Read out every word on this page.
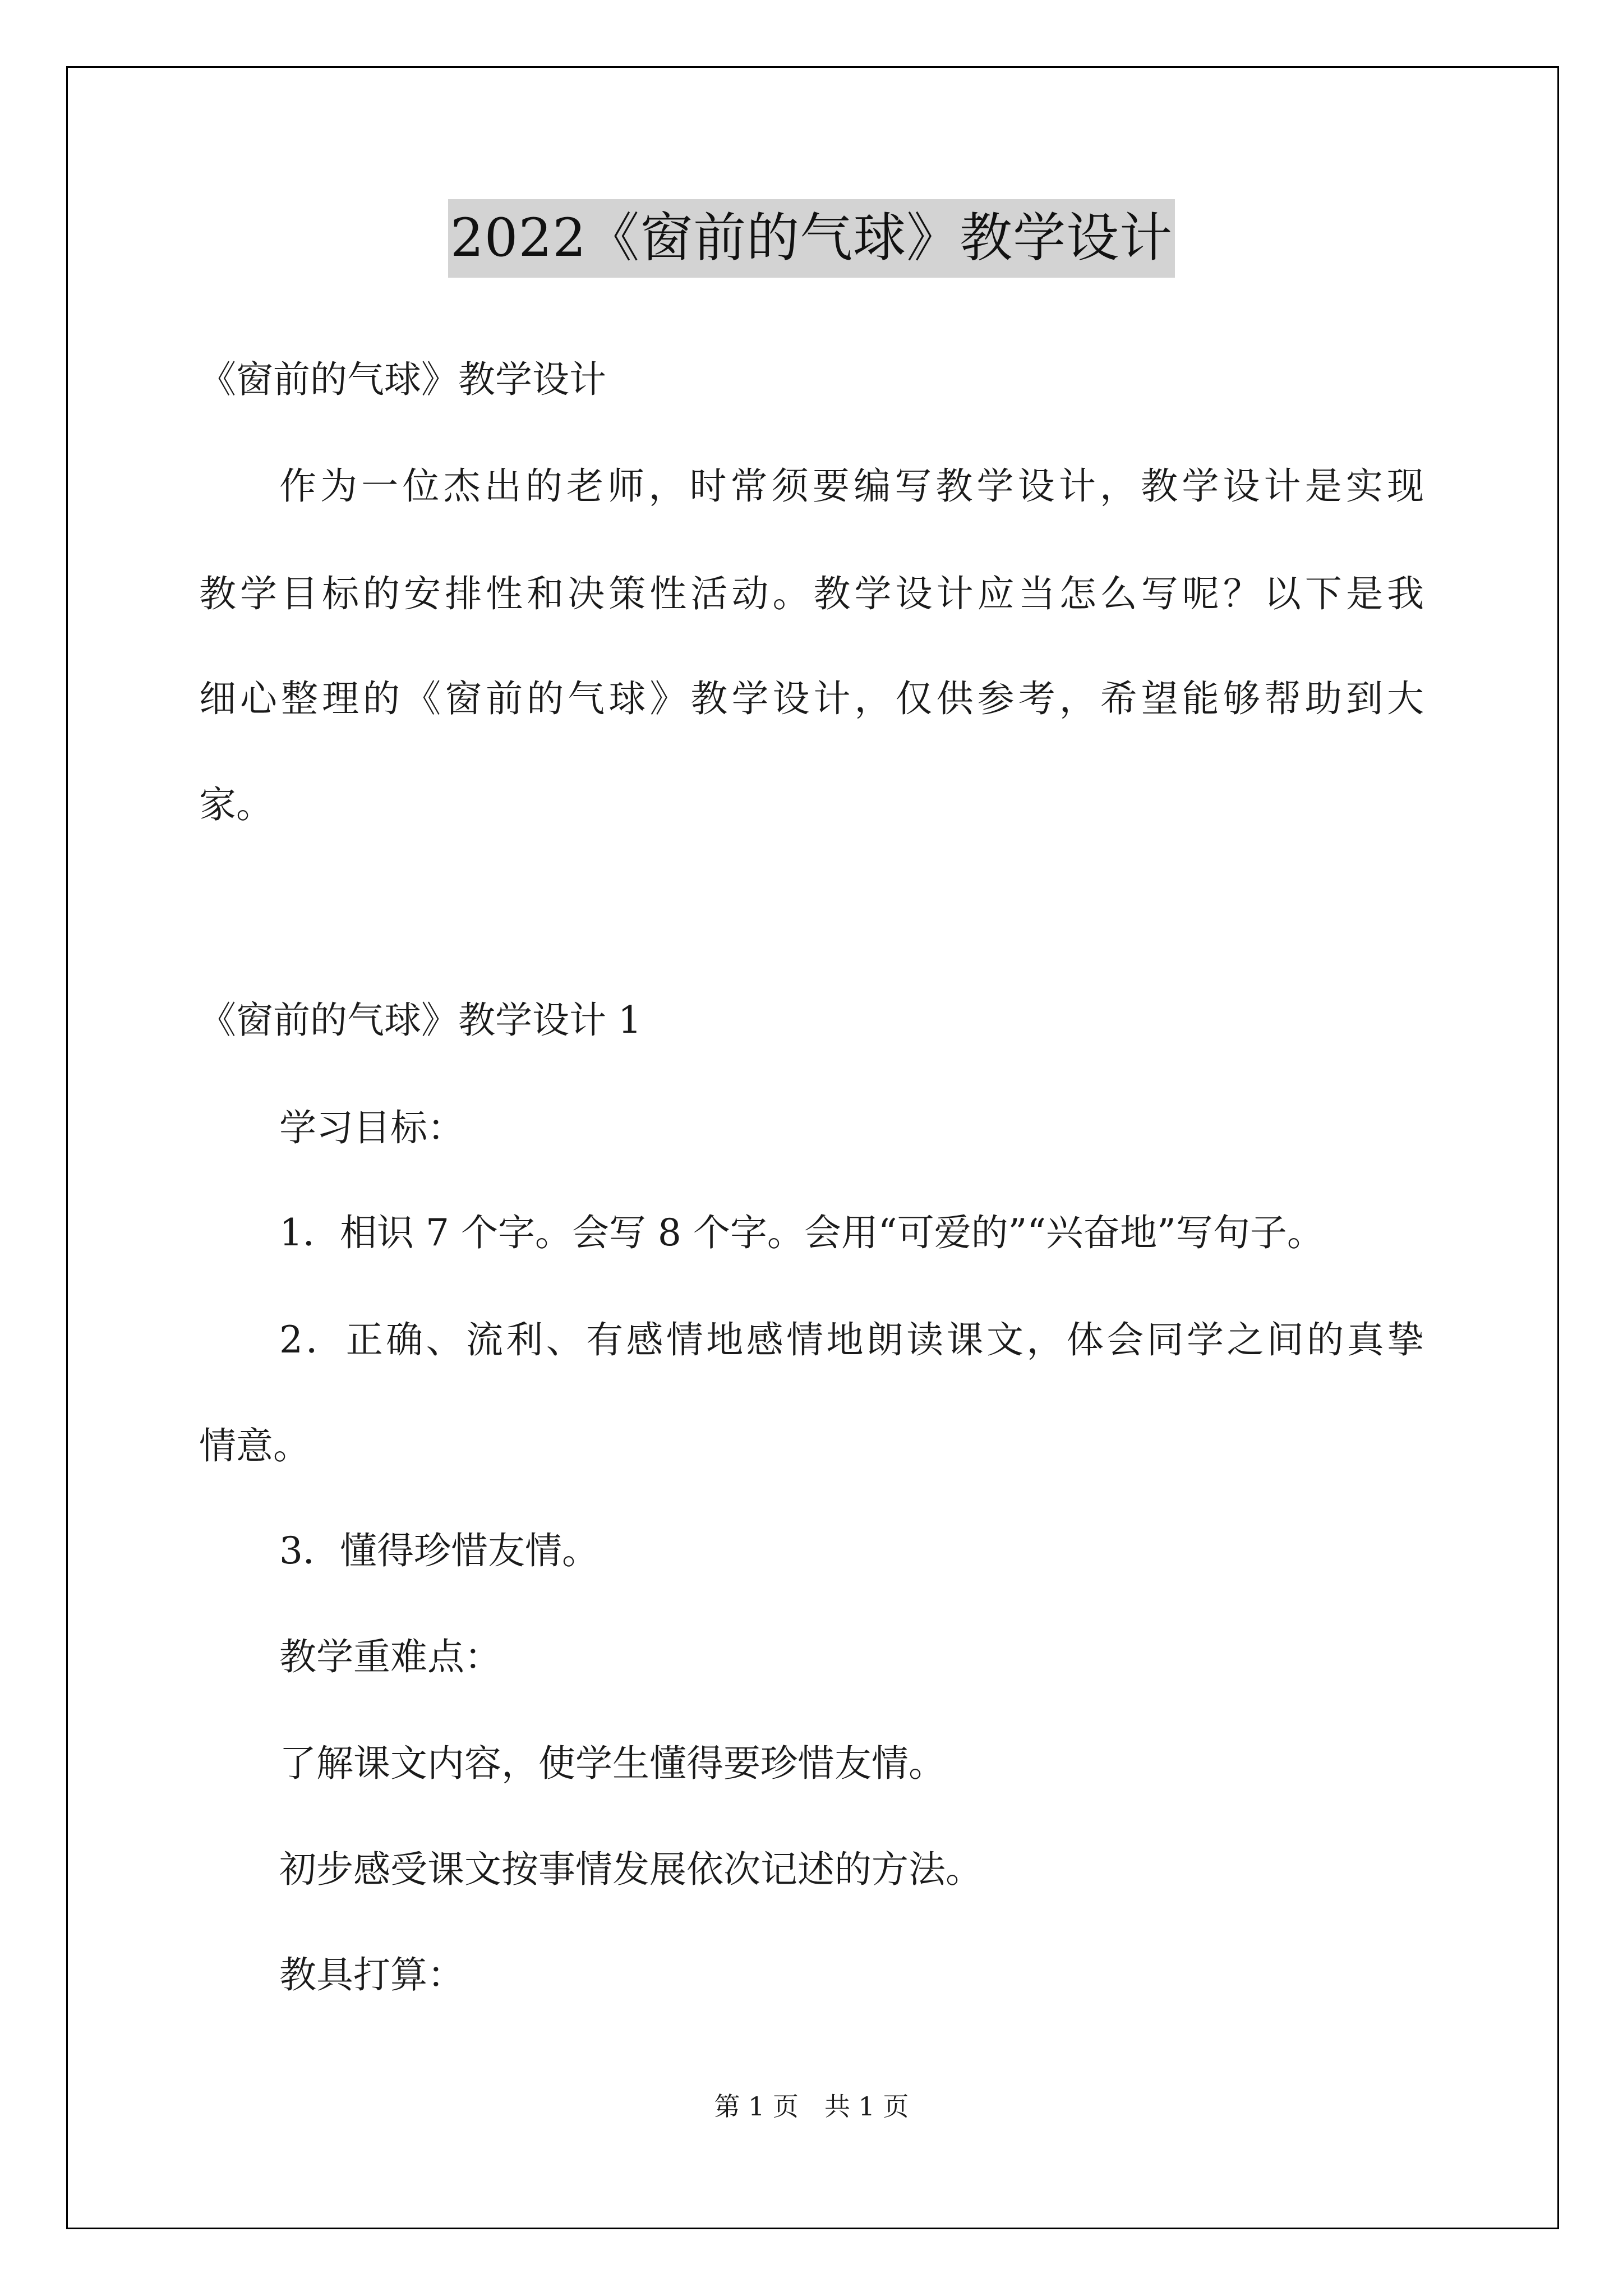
2022《窗前的气球》教学设计
《窗前的气球》教学设计
作为一位杰出的老师，时常须要编写教学设计，教学设计是实现
教学目标的安排性和决策性活动。教学设计应当怎么写呢？以下是我
细心整理的《窗前的气球》教学设计，仅供参考，希望能够帮助到大
家。
《窗前的气球》教学设计 1
学习目标：
1．相识 7 个字。会写 8 个字。会用“可爱的”“兴奋地”写句子。
2．正确、流利、有感情地感情地朗读课文，体会同学之间的真挚
情意。
3．懂得珍惜友情。
教学重难点：
了解课文内容，使学生懂得要珍惜友情。
初步感受课文按事情发展依次记述的方法。
教具打算：
第 1 页　共 1 页
